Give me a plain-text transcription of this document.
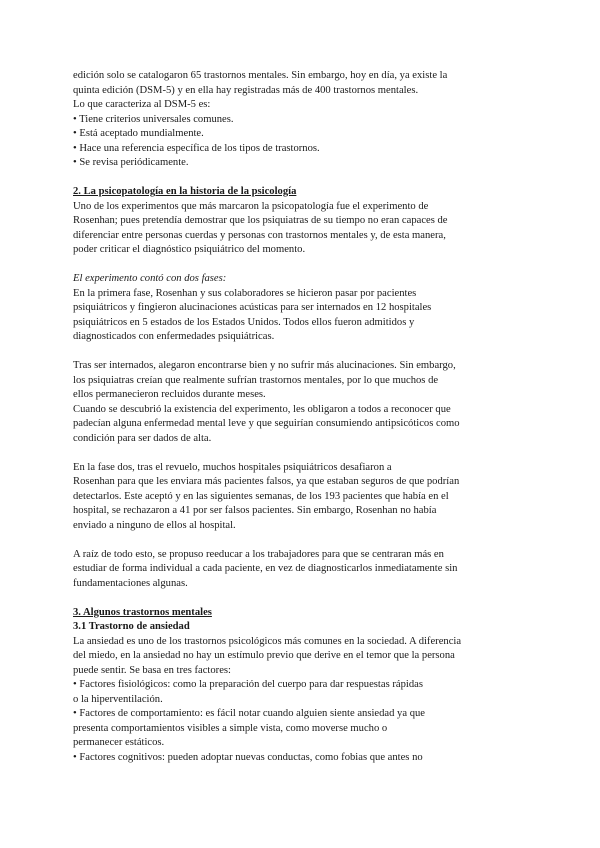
edición solo se catalogaron 65 trastornos mentales. Sin embargo, hoy en día, ya existe la
quinta edición (DSM-5) y en ella hay registradas más de 400 trastornos mentales.
Lo que caracteriza al DSM-5 es:
• Tiene criterios universales comunes.
• Está aceptado mundialmente.
• Hace una referencia específica de los tipos de trastornos.
• Se revisa periódicamente.
2. La psicopatología en la historia de la psicología
Uno de los experimentos que más marcaron la psicopatología fue el experimento de
Rosenhan; pues pretendía demostrar que los psiquiatras de su tiempo no eran capaces de
diferenciar entre personas cuerdas y personas con trastornos mentales y, de esta manera,
poder criticar el diagnóstico psiquiátrico del momento.
El experimento contó con dos fases:
En la primera fase, Rosenhan y sus colaboradores se hicieron pasar por pacientes
psiquiátricos y fingieron alucinaciones acústicas para ser internados en 12 hospitales
psiquiátricos en 5 estados de los Estados Unidos. Todos ellos fueron admitidos y
diagnosticados con enfermedades psiquiátricas.
Tras ser internados, alegaron encontrarse bien y no sufrir más alucinaciones. Sin embargo,
los psiquiatras creían que realmente sufrían trastornos mentales, por lo que muchos de
ellos permanecieron recluidos durante meses.
Cuando se descubrió la existencia del experimento, les obligaron a todos a reconocer que
padecían alguna enfermedad mental leve y que seguirían consumiendo antipsicóticos como
condición para ser dados de alta.
En la fase dos, tras el revuelo, muchos hospitales psiquiátricos desafiaron a
Rosenhan para que les enviara más pacientes falsos, ya que estaban seguros de que podrían
detectarlos. Este aceptó y en las siguientes semanas, de los 193 pacientes que había en el
hospital, se rechazaron a 41 por ser falsos pacientes. Sin embargo, Rosenhan no había
enviado a ninguno de ellos al hospital.
A raíz de todo esto, se propuso reeducar a los trabajadores para que se centraran más en
estudiar de forma individual a cada paciente, en vez de diagnosticarlos inmediatamente sin
fundamentaciones algunas.
3. Algunos trastornos mentales
3.1 Trastorno de ansiedad
La ansiedad es uno de los trastornos psicológicos más comunes en la sociedad. A diferencia
del miedo, en la ansiedad no hay un estímulo previo que derive en el temor que la persona
puede sentir. Se basa en tres factores:
• Factores fisiológicos: como la preparación del cuerpo para dar respuestas rápidas
o la hiperventilación.
• Factores de comportamiento: es fácil notar cuando alguien siente ansiedad ya que
presenta comportamientos visibles a simple vista, como moverse mucho o
permanecer estáticos.
• Factores cognitivos: pueden adoptar nuevas conductas, como fobias que antes no
